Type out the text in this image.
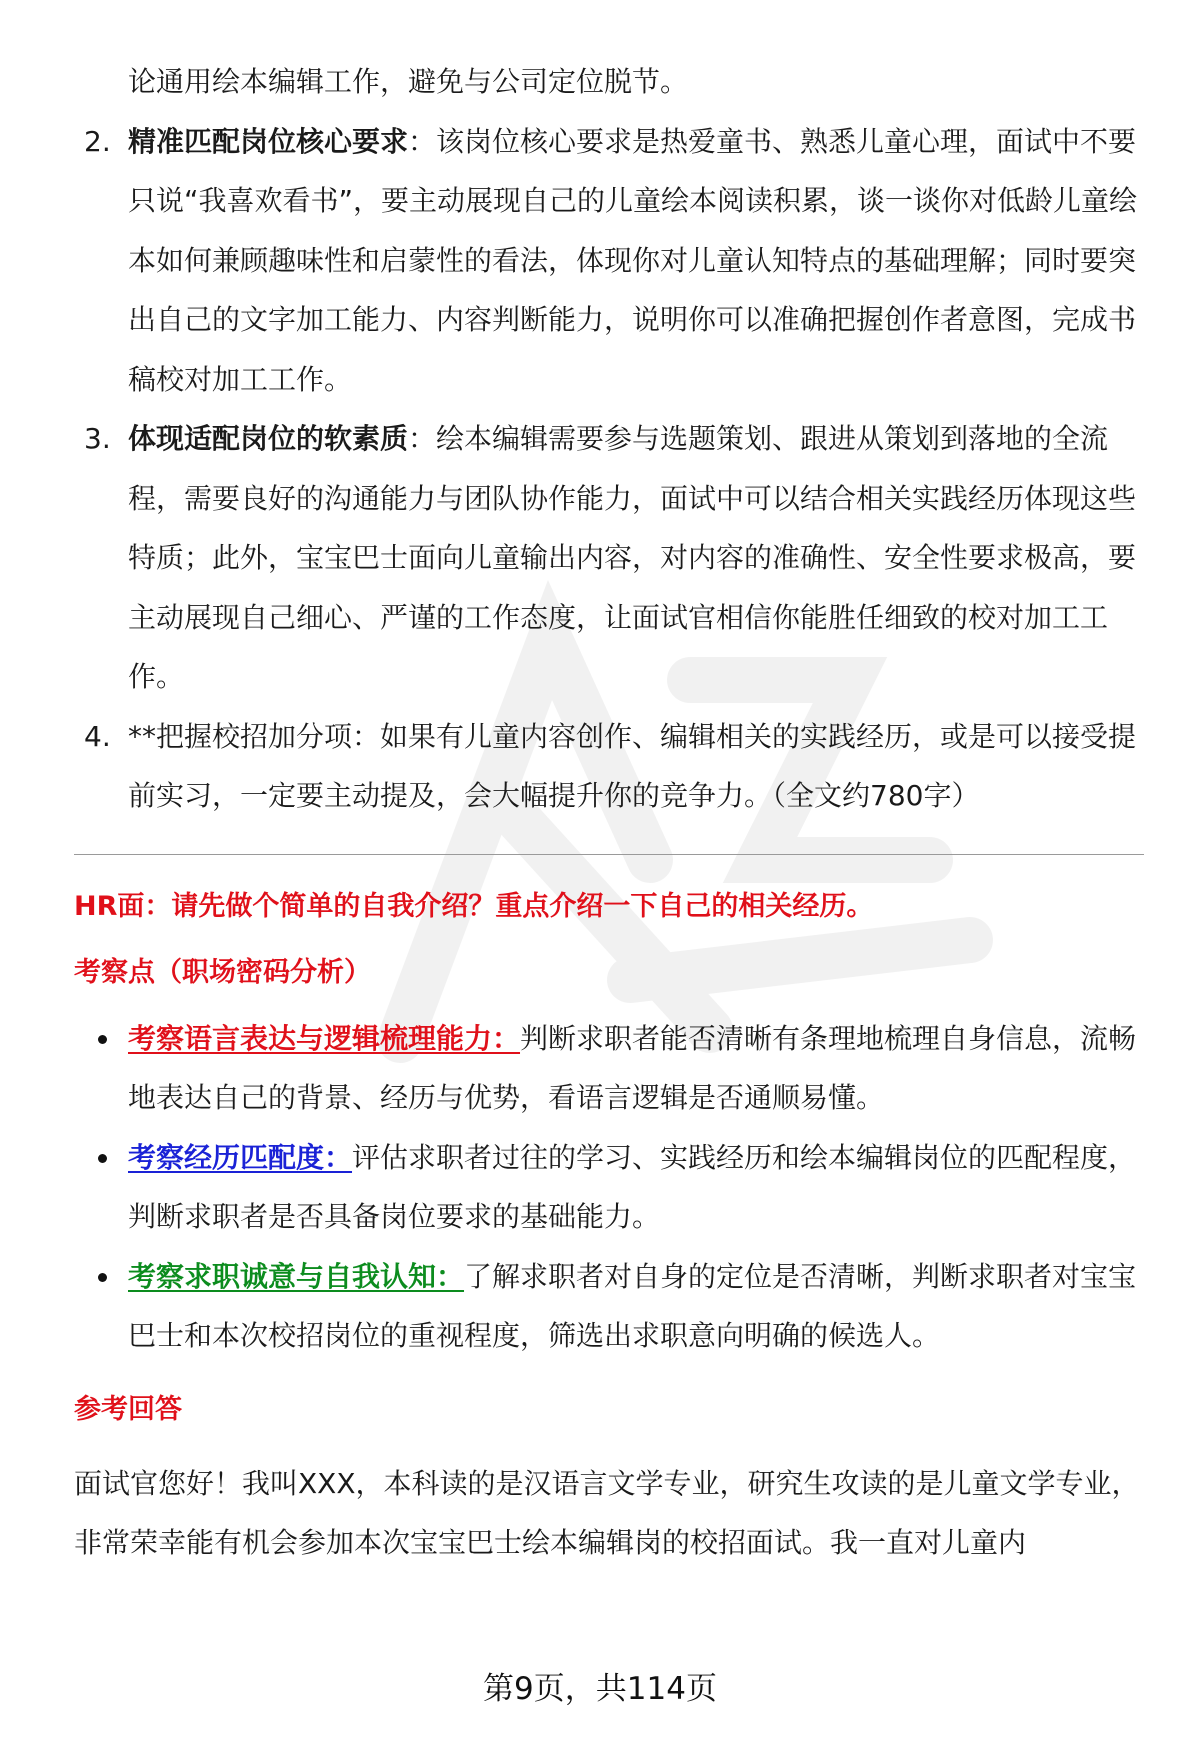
论通用绘本编辑工作，避免与公司定位脱节。

2. 精准匹配岗位核心要求：该岗位核心要求是热爱童书、熟悉儿童心理，面试中不要只说“我喜欢看书”，要主动展现自己的儿童绘本阅读积累，谈一谈你对低龄儿童绘本如何兼顾趣味性和启蒙性的看法，体现你对儿童认知特点的基础理解；同时要突出自己的文字加工能力、内容判断能力，说明你可以准确把握创作者意图，完成书稿校对加工工作。
3. 体现适配岗位的软素质：绘本编辑需要参与选题策划、跟进从策划到落地的全流程，需要良好的沟通能力与团队协作能力，面试中可以结合相关实践经历体现这些特质；此外，宝宝巴士面向儿童输出内容，对内容的准确性、安全性要求极高，要主动展现自己细心、严谨的工作态度，让面试官相信你能胜任细致的校对加工工作。
4. **把握校招加分项：如果有儿童内容创作、编辑相关的实践经历，或是可以接受提前实习，一定要主动提及，会大幅提升你的竞争力。（全文约780字）

HR面：请先做个简单的自我介绍？重点介绍一下自己的相关经历。

考察点（职场密码分析）

考察语言表达与逻辑梳理能力：判断求职者能否清晰有条理地梳理自身信息，流畅地表达自己的背景、经历与优势，看语言逻辑是否通顺易懂。
考察经历匹配度：评估求职者过往的学习、实践经历和绘本编辑岗位的匹配程度，判断求职者是否具备岗位要求的基础能力。
考察求职诚意与自我认知：了解求职者对自身的定位是否清晰，判断求职者对宝宝巴士和本次校招岗位的重视程度，筛选出求职意向明确的候选人。

参考回答

面试官您好！我叫XXX，本科读的是汉语言文学专业，研究生攻读的是儿童文学专业，非常荣幸能有机会参加本次宝宝巴士绘本编辑岗的校招面试。我一直对儿童内

第9页，共114页
